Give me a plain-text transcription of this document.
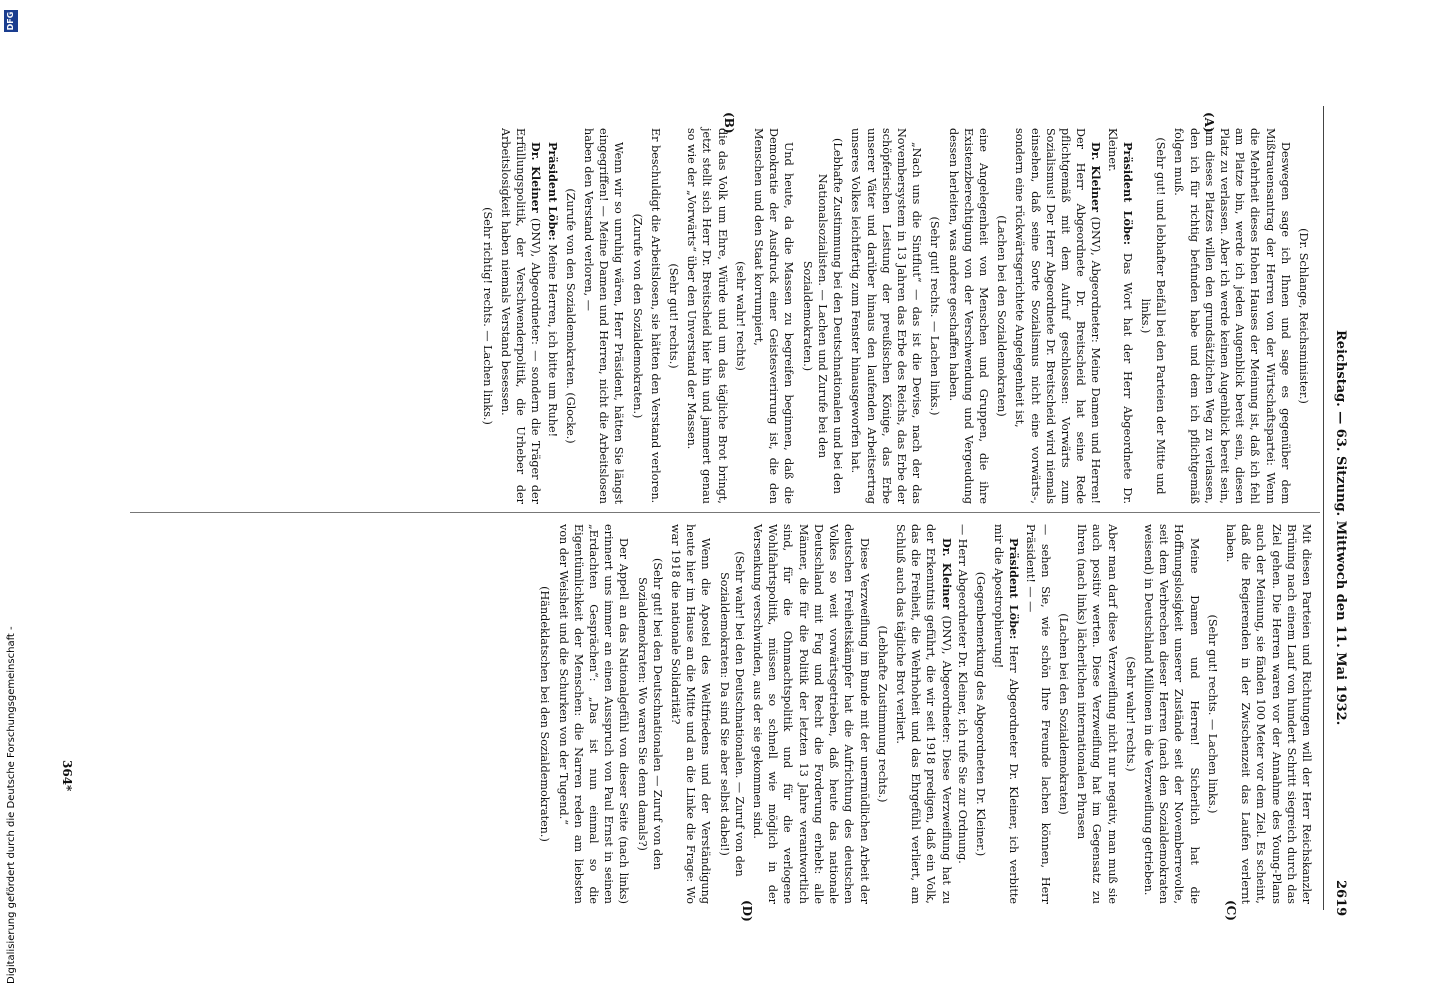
Reichstag. — 63. Sitzung. Mittwoch den 11. Mai 1932.
2619
(A)
(B)
(C)
(D)

(Dr. Schlange, Reichsminister.)

Deswegen sage ich Ihnen und sage es gegenüber dem Mißtrauensantrag der Herren von der Wirtschaftspartei: Wenn die Mehrheit dieses Hohen Hauses der Meinung ist, daß ich fehl am Platze bin, werde ich jeden Augenblick bereit sein, diesen Platz zu verlassen. Aber ich werde keinen Augenblick bereit sein, um dieses Platzes willen den grundsätzlichen Weg zu verlassen, den ich für richtig befunden habe und dem ich pflichtgemäß folgen muß.

(Sehr gut! und lebhafter Beifall bei den Parteien der Mitte und links.)

Präsident Löbe: Das Wort hat der Herr Abgeordnete Dr. Kleiner.

Dr. Kleiner (DNV), Abgeordneter: Meine Damen und Herren! Der Herr Abgeordnete Dr. Breitscheid hat seine Rede pflichtgemäß mit dem Aufruf geschlossen: Vorwärts zum Sozialismus! Der Herr Abgeordnete Dr. Breitscheid wird niemals einsehen, daß seine Sorte Sozialismus nicht eine vorwärts-, sondern eine rückwärtsgerichtete Angelegenheit ist,

(Lachen bei den Sozialdemokraten)

eine Angelegenheit von Menschen und Gruppen, die ihre Existenzberechtigung von der Verschwendung und Vergeudung dessen herleiten, was andere geschaffen haben.

(Sehr gut! rechts. — Lachen links.)

„Nach uns die Sintflut“ — das ist die Devise, nach der das Novembersystem in 13 Jahren das Erbe des Reichs, das Erbe der schöpferischen Leistung der preußischen Könige, das Erbe unserer Väter und darüber hinaus den laufenden Arbeitsertrag unseres Volkes leichtfertig zum Fenster hinausgeworfen hat.

(Lebhafte Zustimmung bei den Deutschnationalen und bei den Nationalsozialisten. — Lachen und Zurufe bei den Sozialdemokraten.)

Und heute, da die Massen zu begreifen beginnen, daß die Demokratie der Ausdruck einer Geistesverirrung ist, die den Menschen und den Staat korrumpiert,

(sehr wahr! rechts)

die das Volk um Ehre, Würde und um das tägliche Brot bringt, jetzt stellt sich Herr Dr. Breitscheid hier hin und jammert genau so wie der „Vorwärts“ über den Unverstand der Massen.

(Sehr gut! rechts.)

Er beschuldigt die Arbeitslosen, sie hätten den Verstand verloren.

(Zurufe von den Sozialdemokraten.)

Wenn wir so unruhig wären, Herr Präsident, hätten Sie längst eingegriffen! — Meine Damen und Herren, nicht die Arbeitslosen haben den Verstand verloren, —

(Zurufe von den Sozialdemokraten. (Glocke.)

Präsident Löbe: Meine Herren, ich bitte um Ruhe!

Dr. Kleiner (DNV), Abgeordneter: — sondern die Träger der Erfüllungspolitik, der Verschwenderpolitik, die Urheber der Arbeitslosigkeit haben niemals Verstand besessen.

(Sehr richtig! rechts. — Lachen links.)

Mit diesen Parteien und Richtungen will der Herr Reichskanzler Brüning nach einem Lauf von hundert Schritt siegreich durch das Ziel gehen. Die Herren waren vor der Annahme des Young-Plans auch der Meinung, sie fänden 100 Meter vor dem Ziel. Es scheint, daß die Regierenden in der Zwischenzeit das Laufen verlernt haben.

(Sehr gut! rechts. — Lachen links.)

Meine Damen und Herren! Sicherlich hat die Hoffnungslosigkeit unserer Zustände seit der Novemberrevolte, seit dem Verbrechen dieser Herren (nach den Sozialdemokraten weisend) in Deutschland Millionen in die Verzweiflung getrieben.

(Sehr wahr! rechts.)

Aber man darf diese Verzweiflung nicht nur negativ, man muß sie auch positiv werten. Diese Verzweiflung hat im Gegensatz zu Ihren (nach links) lächerlichen internationalen Phrasen

(Lachen bei den Sozialdemokraten)

— sehen Sie, wie schön Ihre Freunde lachen können, Herr Präsident! — —

Präsident Löbe: Herr Abgeordneter Dr. Kleiner, ich verbitte mir die Apostrophierung!

(Gegenbemerkung des Abgeordneten Dr. Kleiner.)

— Herr Abgeordneter Dr. Kleiner, ich rufe Sie zur Ordnung.

Dr. Kleiner (DNV), Abgeordneter: Diese Verzweiflung hat zu der Erkenntnis geführt, die wir seit 1918 predigen, daß ein Volk, das die Freiheit, die Wehrhoheit und das Ehrgefühl verliert, am Schluß auch das tägliche Brot verliert.

(Lebhafte Zustimmung rechts.)

Diese Verzweiflung im Bunde mit der unermüdlichen Arbeit der deutschen Freiheitskämpfer hat die Aufrichtung des deutschen Volkes so weit vorwärtsgetrieben, daß heute das nationale Deutschland mit Fug und Recht die Forderung erhebt: alle Männer, die für die Politik der letzten 13 Jahre verantwortlich sind, für die Ohnmachtspolitik und für die verlogene Wohlfahrtspolitik, müssen so schnell wie möglich in der Versenkung verschwinden, aus der sie gekommen sind.

(Sehr wahr! bei den Deutschnationalen. — Zuruf von den Sozialdemokraten: Da sind Sie aber selbst dabei!)

Wenn die Apostel des Weltfriedens und der Verständigung heute hier im Hause an die Mitte und an die Linke die Frage: Wo war 1918 die nationale Solidarität?

(Sehr gut! bei den Deutschnationalen — Zuruf von den Sozialdemokraten: Wo waren Sie denn damals?)

Der Appell an das Nationalgefühl von dieser Seite (nach links) erinnert uns immer an einen Ausspruch von Paul Ernst in seinen „Erdachten Gesprächen“: „Das ist nun einmal so die Eigentümlichkeit der Menschen: die Narren reden am liebsten von der Weisheit und die Schurken von der Tugend.“

(Händeklatschen bei den Sozialdemokraten.)

364*
Digitalisierung gefördert durch die Deutsche Forschungsgemeinschaft -
DFG
